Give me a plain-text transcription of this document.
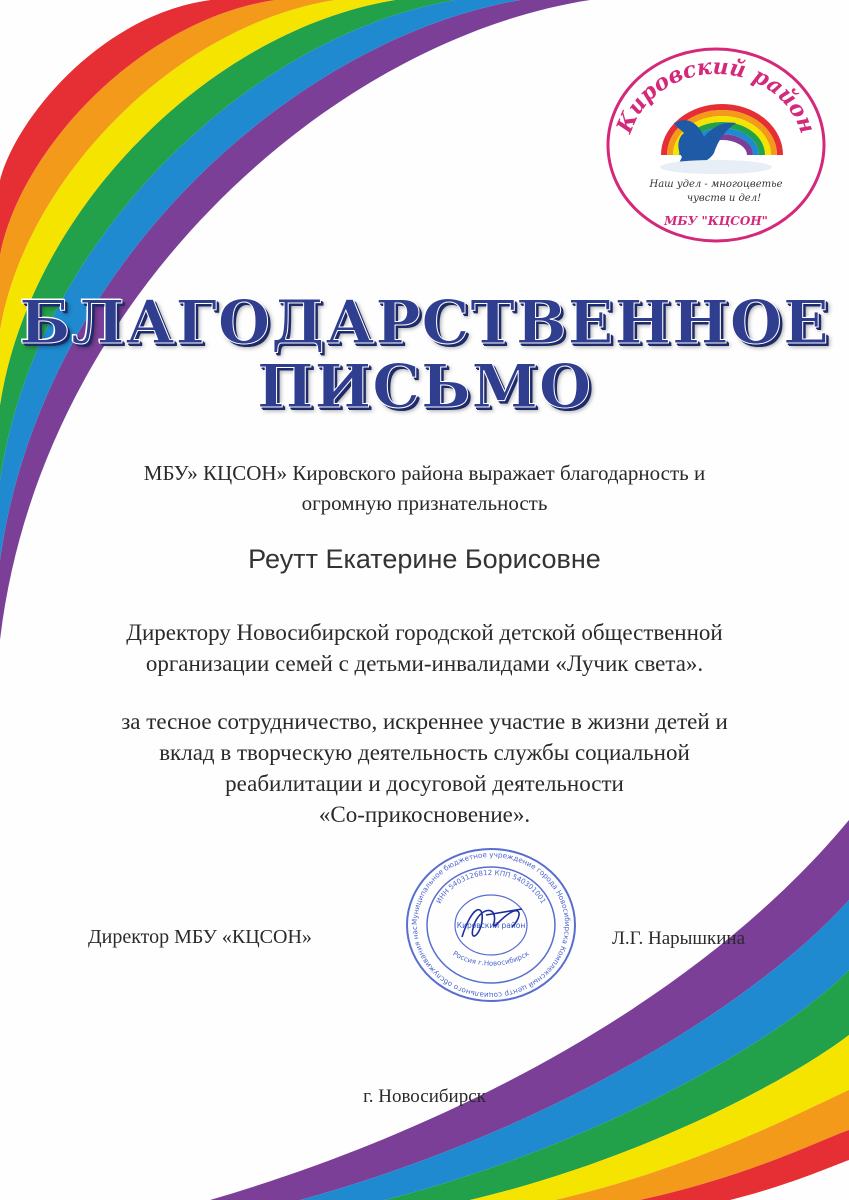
Кировский район
Наш удел - многоцветье
чувств и дел!
МБУ "КЦСОН"
БЛАГОДАРСТВЕННОЕ
ПИСЬМО
МБУ» КЦСОН» Кировского района выражает благодарность и
огромную признательность
Реутт Екатерине Борисовне
Директору Новосибирской городской детской общественной
организации семей с детьми-инвалидами «Лучик света».
за тесное сотрудничество, искреннее участие в жизни детей и
вклад в творческую деятельность службы социальной
реабилитации и досуговой деятельности
«Со-прикосновение».
Муниципальное бюджетное учреждение города Новосибирска Комплексный центр социального обслуживания нас
ИНН 5403126812 КПП 540301001
Россия г.Новосибирск
Кировский район
Директор МБУ «КЦСОН»	Л.Г. Нарышкина
г. Новосибирск
